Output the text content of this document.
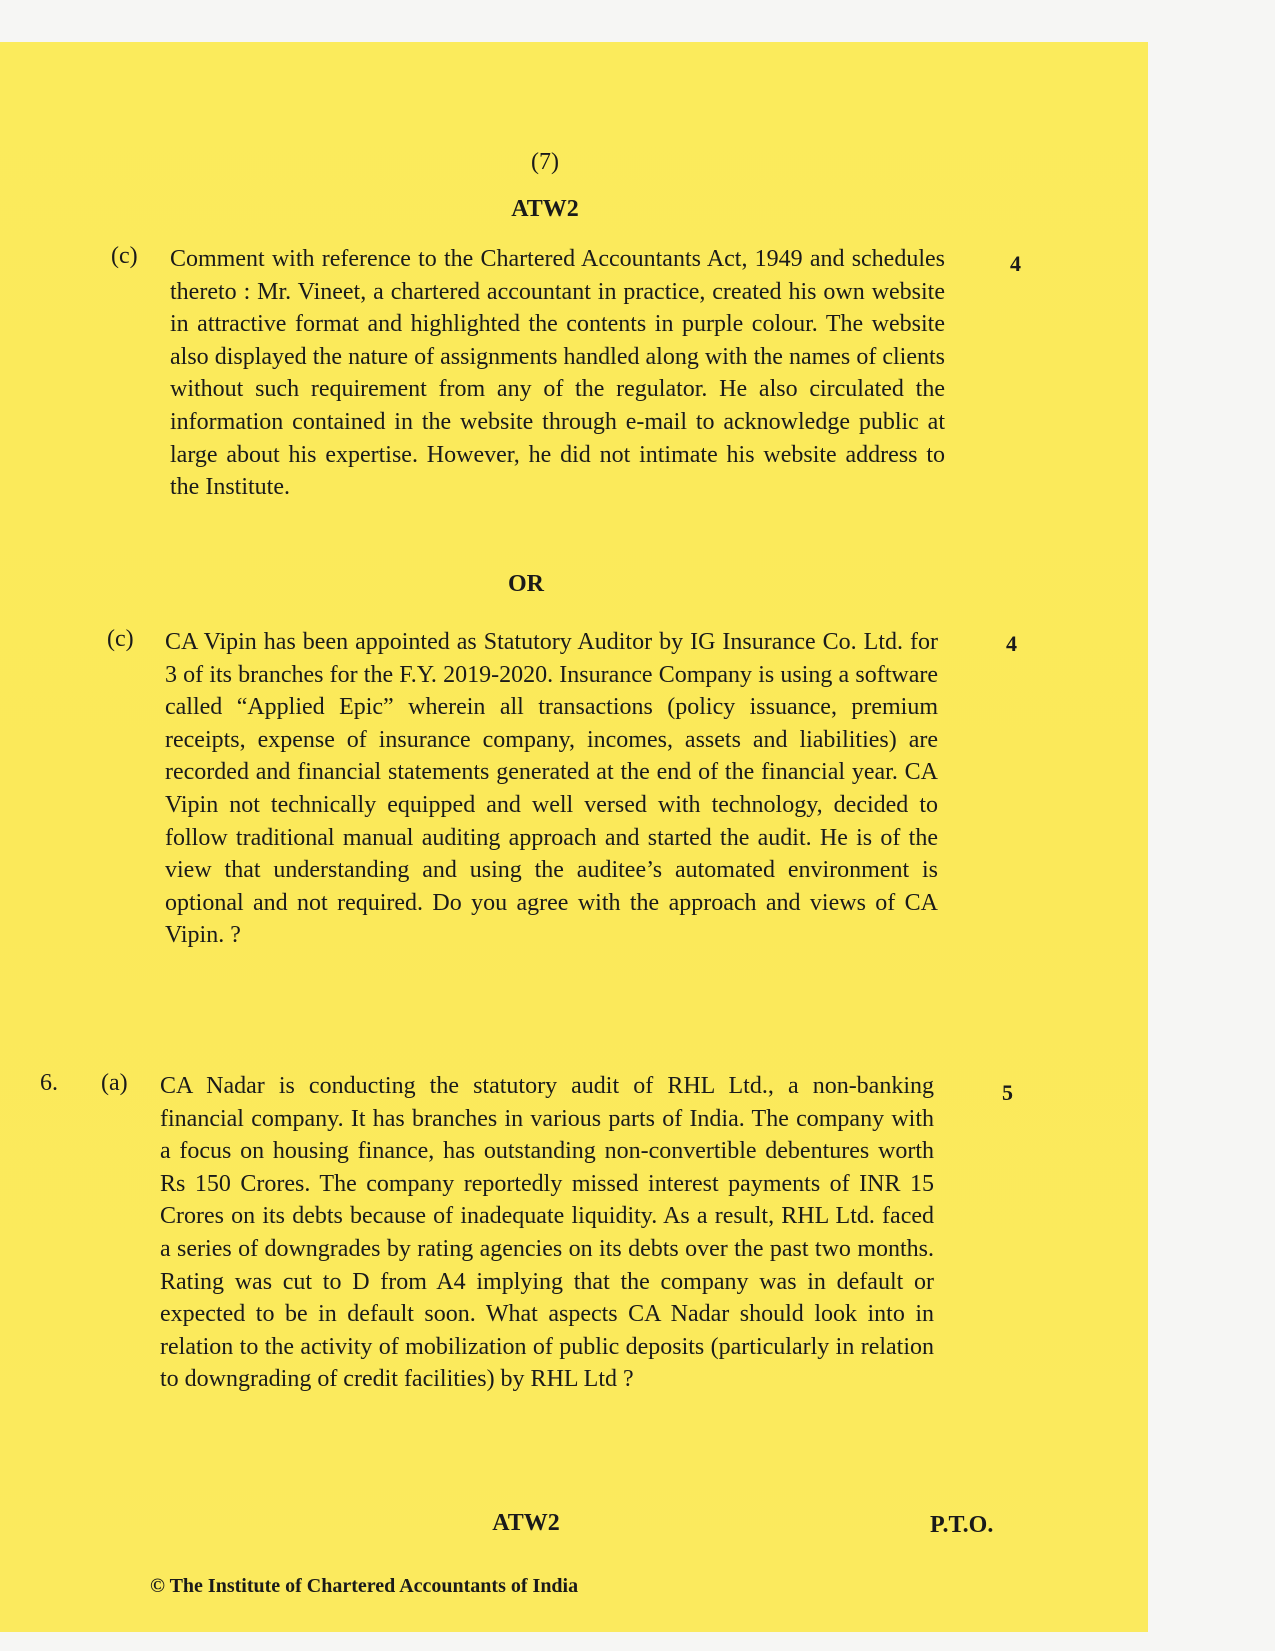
(7)
ATW2
(c) Comment with reference to the Chartered Accountants Act, 1949 and schedules thereto : Mr. Vineet, a chartered accountant in practice, created his own website in attractive format and highlighted the contents in purple colour. The website also displayed the nature of assignments handled along with the names of clients without such requirement from any of the regulator. He also circulated the information contained in the website through e-mail to acknowledge public at large about his expertise. However, he did not intimate his website address to the Institute.
4
OR
(c) CA Vipin has been appointed as Statutory Auditor by IG Insurance Co. Ltd. for 3 of its branches for the F.Y. 2019-2020. Insurance Company is using a software called “Applied Epic” wherein all transactions (policy issuance, premium receipts, expense of insurance company, incomes, assets and liabilities) are recorded and financial statements generated at the end of the financial year. CA Vipin not technically equipped and well versed with technology, decided to follow traditional manual auditing approach and started the audit. He is of the view that understanding and using the auditee’s automated environment is optional and not required. Do you agree with the approach and views of CA Vipin. ?
4
6. (a) CA Nadar is conducting the statutory audit of RHL Ltd., a non-banking financial company. It has branches in various parts of India. The company with a focus on housing finance, has outstanding non-convertible debentures worth Rs 150 Crores. The company reportedly missed interest payments of INR 15 Crores on its debts because of inadequate liquidity. As a result, RHL Ltd. faced a series of downgrades by rating agencies on its debts over the past two months. Rating was cut to D from A4 implying that the company was in default or expected to be in default soon. What aspects CA Nadar should look into in relation to the activity of mobilization of public deposits (particularly in relation to downgrading of credit facilities) by RHL Ltd ?
5
ATW2	P.T.O.
© The Institute of Chartered Accountants of India
